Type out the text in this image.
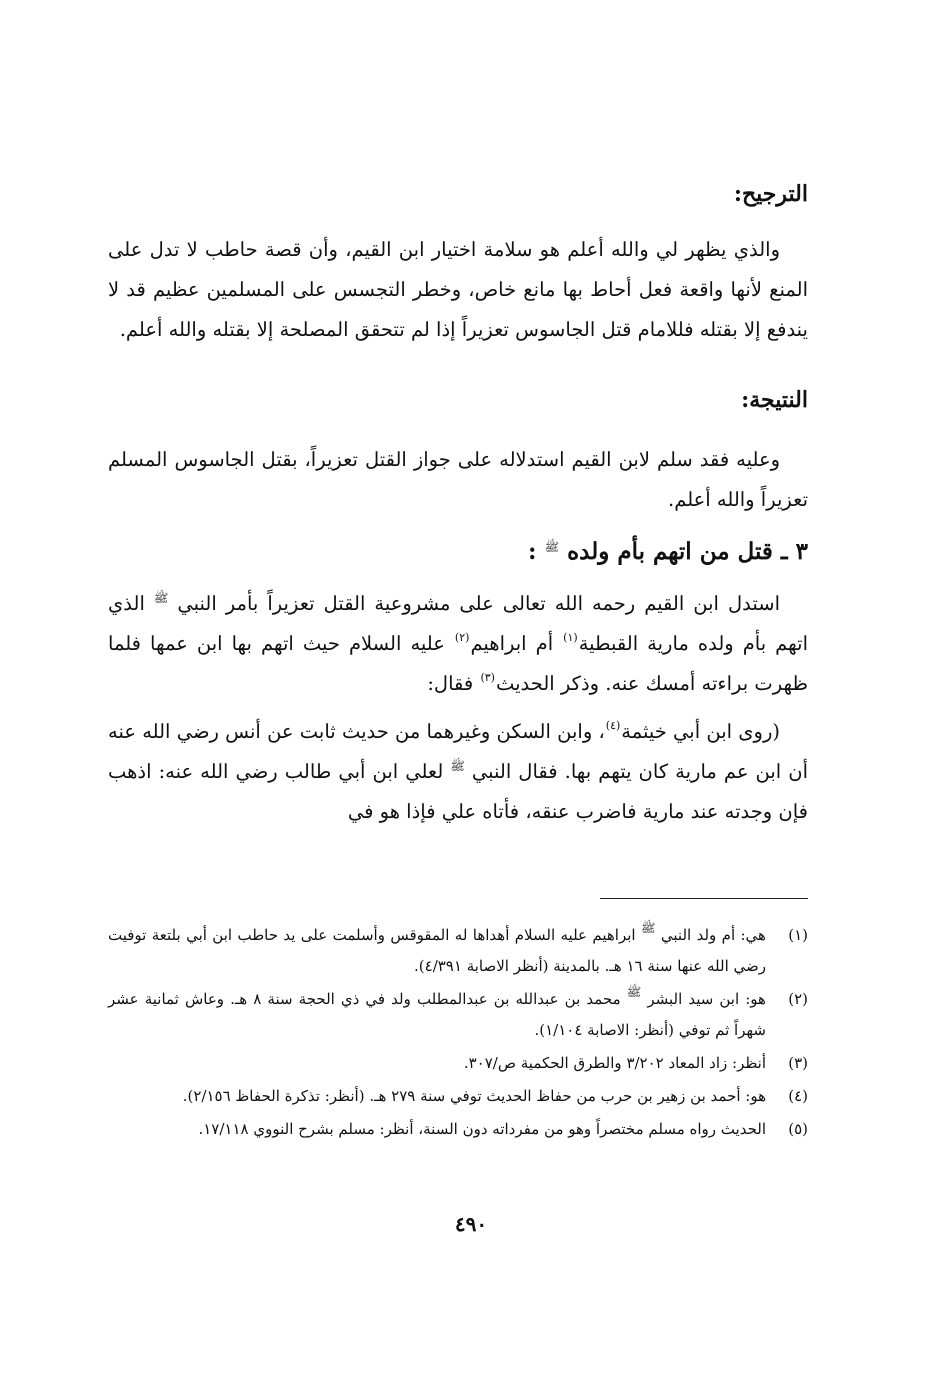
الترجيح:

والذي يظهر لي والله أعلم هو سلامة اختيار ابن القيم، وأن قصة حاطب لا تدل على المنع لأنها واقعة فعل أحاط بها مانع خاص، وخطر التجسس على المسلمين عظيم قد لا يندفع إلا بقتله فللامام قتل الجاسوس تعزيراً إذا لم تتحقق المصلحة إلا بقتله والله أعلم.

النتيجة:

وعليه فقد سلم لابن القيم استدلاله على جواز القتل تعزيراً، بقتل الجاسوس المسلم تعزيراً والله أعلم.

٣ ـ قتل من اتهم بأم ولده $^ﷺ$ :

استدل ابن القيم رحمه الله تعالى على مشروعية القتل تعزيراً بأمر النبي $^ﷺ$ الذي اتهم بأم ولده مارية القبطية$^{(١)}$ أم ابراهيم$^{(٢)}$ عليه السلام حيث اتهم بها ابن عمها فلما ظهرت براءته أمسك عنه. وذكر الحديث$^{(٣)}$ فقال:

(روى ابن أبي خيثمة$^{(٤)}$، وابن السكن وغيرهما من حديث ثابت عن أنس رضي الله عنه أن ابن عم مارية كان يتهم بها. فقال النبي $^ﷺ$ لعلي ابن أبي طالب رضي الله عنه: اذهب فإن وجدته عند مارية فاضرب عنقه، فأتاه علي فإذا هو في

(١)
هي: أم ولد النبي $^ﷺ$ ابراهيم عليه السلام أهداها له المقوقس وأسلمت على يد حاطب ابن أبي بلتعة توفيت رضي الله عنها سنة ١٦ هـ. بالمدينة (أنظر الاصابة ٤/٣٩١).
(٢)
هو: ابن سيد البشر $^ﷺ$ محمد بن عبدالله بن عبدالمطلب ولد في ذي الحجة سنة ٨ هـ. وعاش ثمانية عشر شهراً ثم توفي (أنظر: الاصابة ١/١٠٤).
(٣)
أنظر: زاد المعاد ٣/٢٠٢ والطرق الحكمية ص/٣٠٧.
(٤)
هو: أحمد بن زهير بن حرب من حفاظ الحديث توفي سنة ٢٧٩ هـ. (أنظر: تذكرة الحفاظ ٢/١٥٦).
(٥)
الحديث رواه مسلم مختصراً وهو من مفرداته دون السنة، أنظر: مسلم بشرح النووي ١٧/١١٨.
٤٩٠
